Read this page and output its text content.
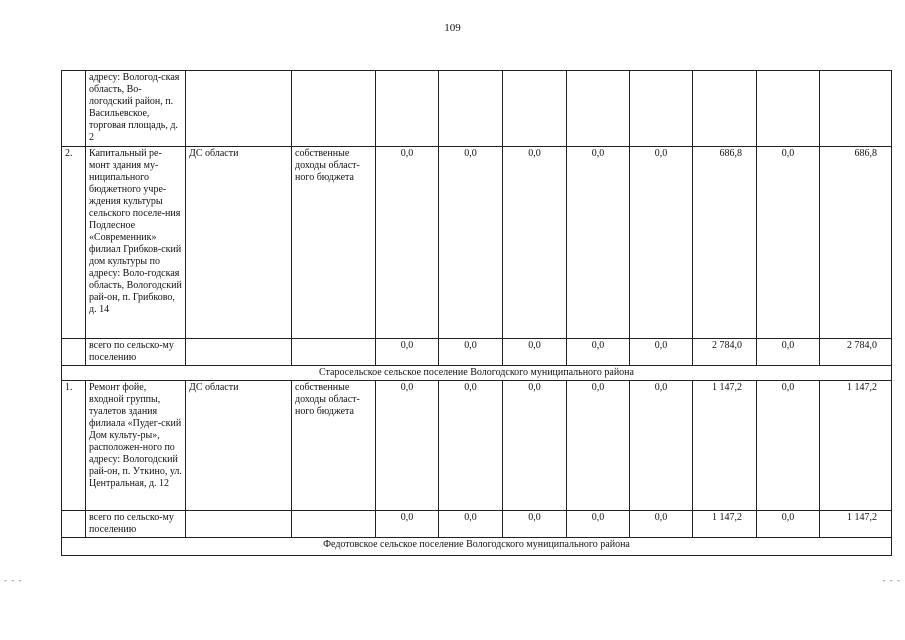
109
	адресу: Вологод-ская область, Во-логодский район, п. Васильевское, торговая площадь, д. 2										
2.	Капитальный ре-монт здания му-ниципального бюджетного учре-ждения культуры сельского поселе-ния Подлесное «Современник» филиал Грибков-ский дом культуры по адресу: Воло-годская область, Вологодский рай-он, п. Грибково, д. 14	ДС области	собственные доходы област-ного бюджета	0,0	0,0	0,0	0,0	0,0	686,8	0,0	686,8
	всего по сельско-му поселению			0,0	0,0	0,0	0,0	0,0	2 784,0	0,0	2 784,0
Старосельское сельское поселение Вологодского муниципального района											
1.	Ремонт фойе, входной группы, туалетов здания филиала «Пудег-ский Дом культу-ры», расположен-ного по адресу: Вологодский рай-он, п. Уткино, ул. Центральная, д. 12	ДС области	собственные доходы област-ного бюджета	0,0	0,0	0,0	0,0	0,0	1 147,2	0,0	1 147,2
	всего по сельско-му поселению			0,0	0,0	0,0	0,0	0,0	1 147,2	0,0	1 147,2
Федотовское сельское поселение Вологодского муниципального района											
- - -	- - -
